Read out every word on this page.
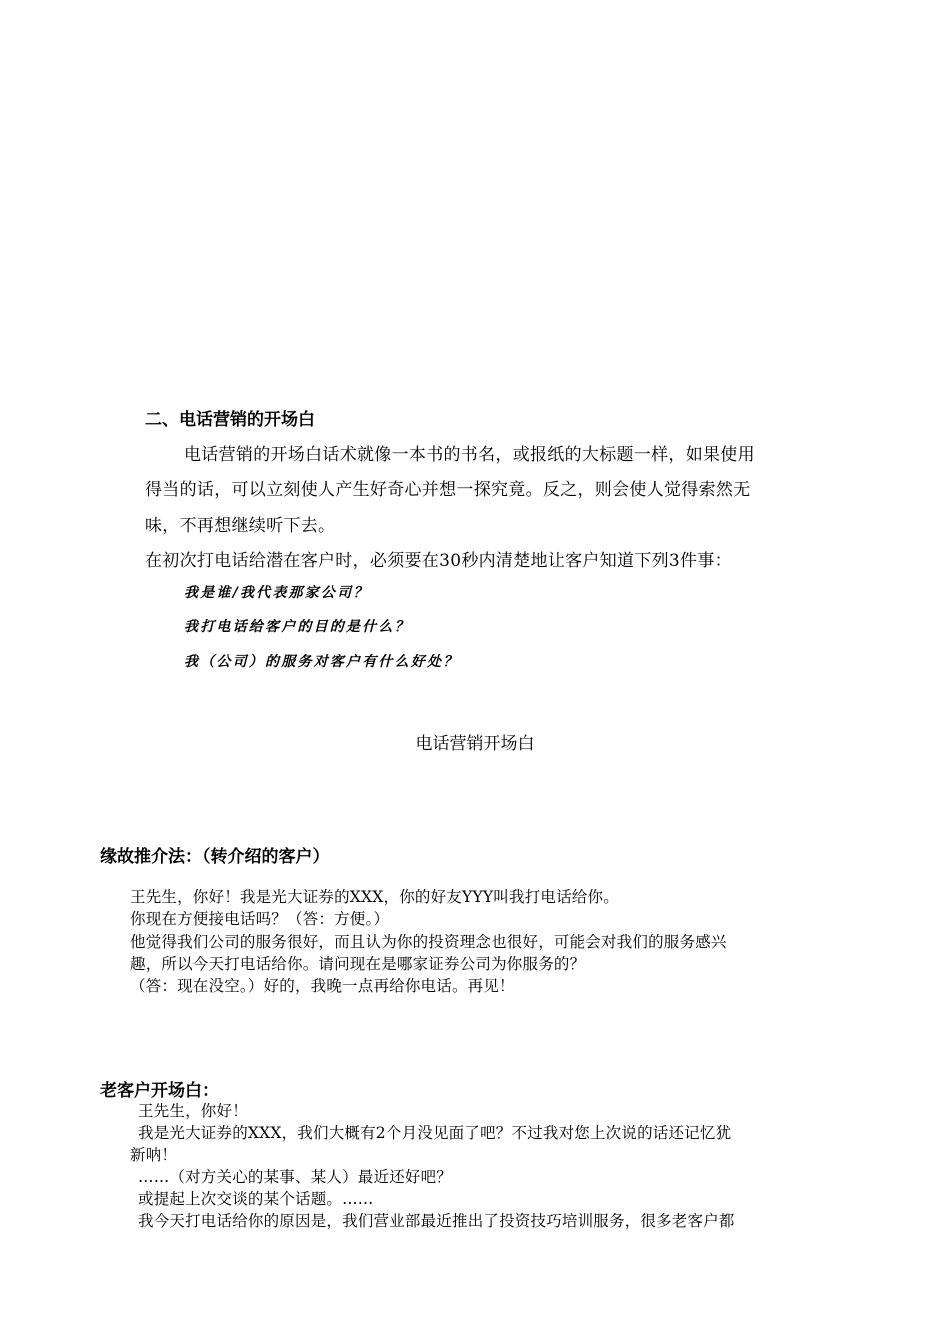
二、电话营销的开场白
电话营销的开场白话术就像一本书的书名，或报纸的大标题一样，如果使用
得当的话，可以立刻使人产生好奇心并想一探究竟。反之，则会使人觉得索然无
味，不再想继续听下去。
在初次打电话给潜在客户时，必须要在30秒内清楚地让客户知道下列3件事：
我是谁/我代表那家公司？
我打电话给客户的目的是什么？
我（公司）的服务对客户有什么好处？
电话营销开场白
缘故推介法：（转介绍的客户）
王先生，你好！我是光大证券的XXX，你的好友YYY叫我打电话给你。
你现在方便接电话吗？（答：方便。）
他觉得我们公司的服务很好，而且认为你的投资理念也很好，可能会对我们的服务感兴
趣，所以今天打电话给你。请问现在是哪家证券公司为你服务的？
（答：现在没空。）好的，我晚一点再给你电话。再见！
老客户开场白：
王先生，你好！
我是光大证券的XXX，我们大概有2个月没见面了吧？不过我对您上次说的话还记忆犹
新呐！
……（对方关心的某事、某人）最近还好吧？
或提起上次交谈的某个话题。……
我今天打电话给你的原因是，我们营业部最近推出了投资技巧培训服务，很多老客户都
